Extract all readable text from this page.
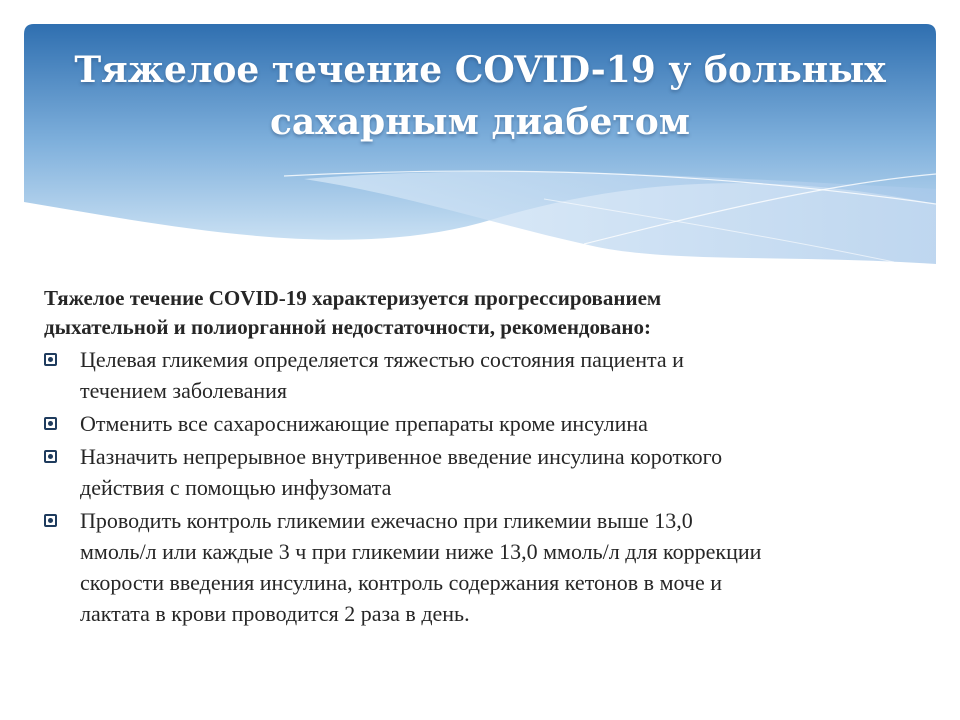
Тяжелое течение COVID-19 у больных
сахарным диабетом

Тяжелое течение COVID-19 характеризуется прогрессированием
дыхательной и полиорганной недостаточности, рекомендовано:

Целевая гликемия определяется тяжестью состояния пациента и
течением заболевания
Отменить все сахароснижающие препараты кроме инсулина
Назначить непрерывное внутривенное введение инсулина короткого
действия с помощью инфузомата
Проводить контроль гликемии ежечасно при гликемии выше 13,0
ммоль/л или каждые 3 ч при гликемии ниже 13,0 ммоль/л для коррекции
скорости введения инсулина, контроль содержания кетонов в моче и
лактата в крови проводится 2 раза в день.
